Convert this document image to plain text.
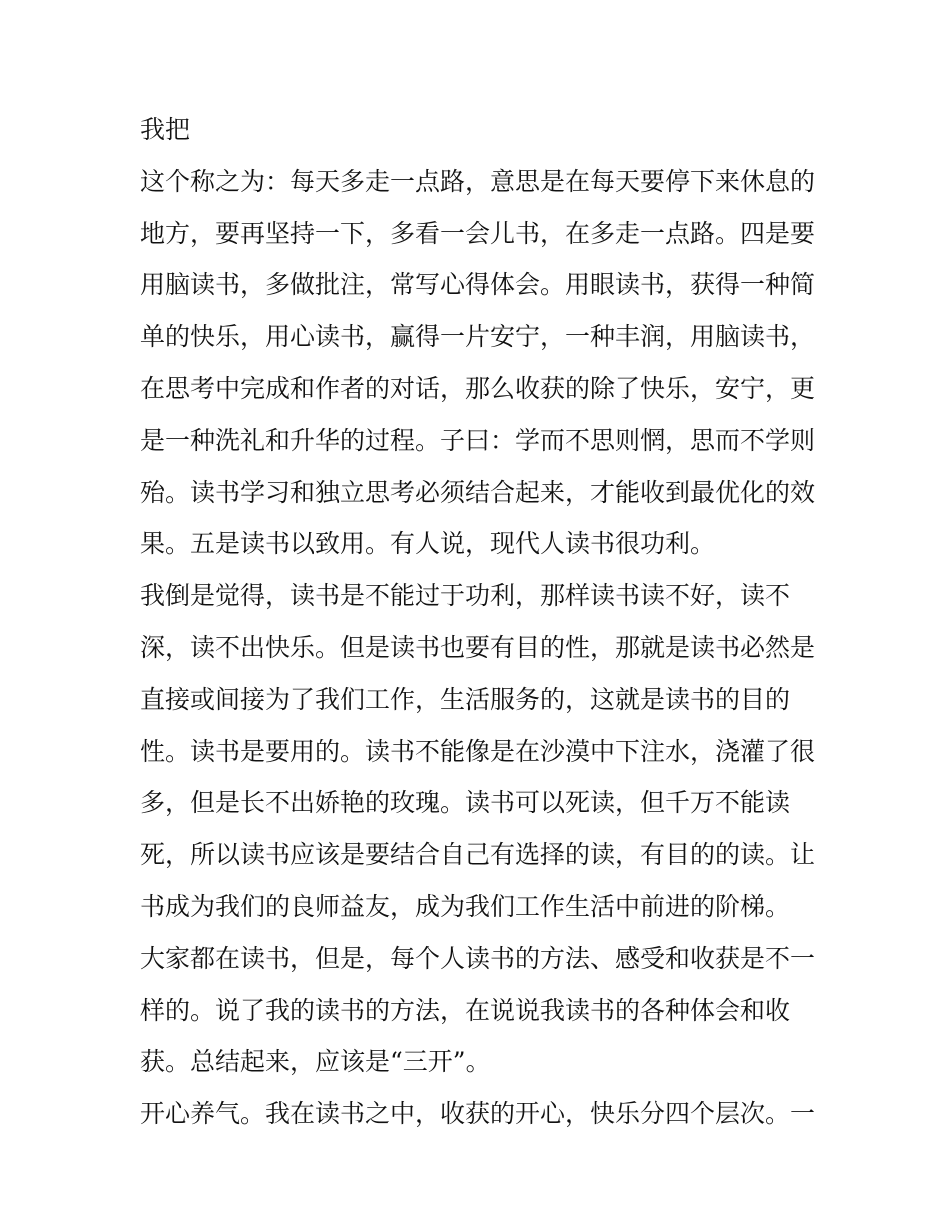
我把

这个称之为：每天多走一点路，意思是在每天要停下来休息的

地方，要再坚持一下，多看一会儿书，在多走一点路。四是要

用脑读书，多做批注，常写心得体会。用眼读书，获得一种简

单的快乐，用心读书，赢得一片安宁，一种丰润，用脑读书，

在思考中完成和作者的对话，那么收获的除了快乐，安宁，更

是一种洗礼和升华的过程。子曰：学而不思则惘，思而不学则

殆。读书学习和独立思考必须结合起来，才能收到最优化的效

果。五是读书以致用。有人说，现代人读书很功利。

我倒是觉得，读书是不能过于功利，那样读书读不好，读不

深，读不出快乐。但是读书也要有目的性，那就是读书必然是

直接或间接为了我们工作，生活服务的，这就是读书的目的

性。读书是要用的。读书不能像是在沙漠中下注水，浇灌了很

多，但是长不出娇艳的玫瑰。读书可以死读，但千万不能读

死，所以读书应该是要结合自己有选择的读，有目的的读。让

书成为我们的良师益友，成为我们工作生活中前进的阶梯。

大家都在读书，但是，每个人读书的方法、感受和收获是不一

样的。说了我的读书的方法，在说说我读书的各种体会和收

获。总结起来，应该是“三开”。

开心养气。我在读书之中，收获的开心，快乐分四个层次。一
